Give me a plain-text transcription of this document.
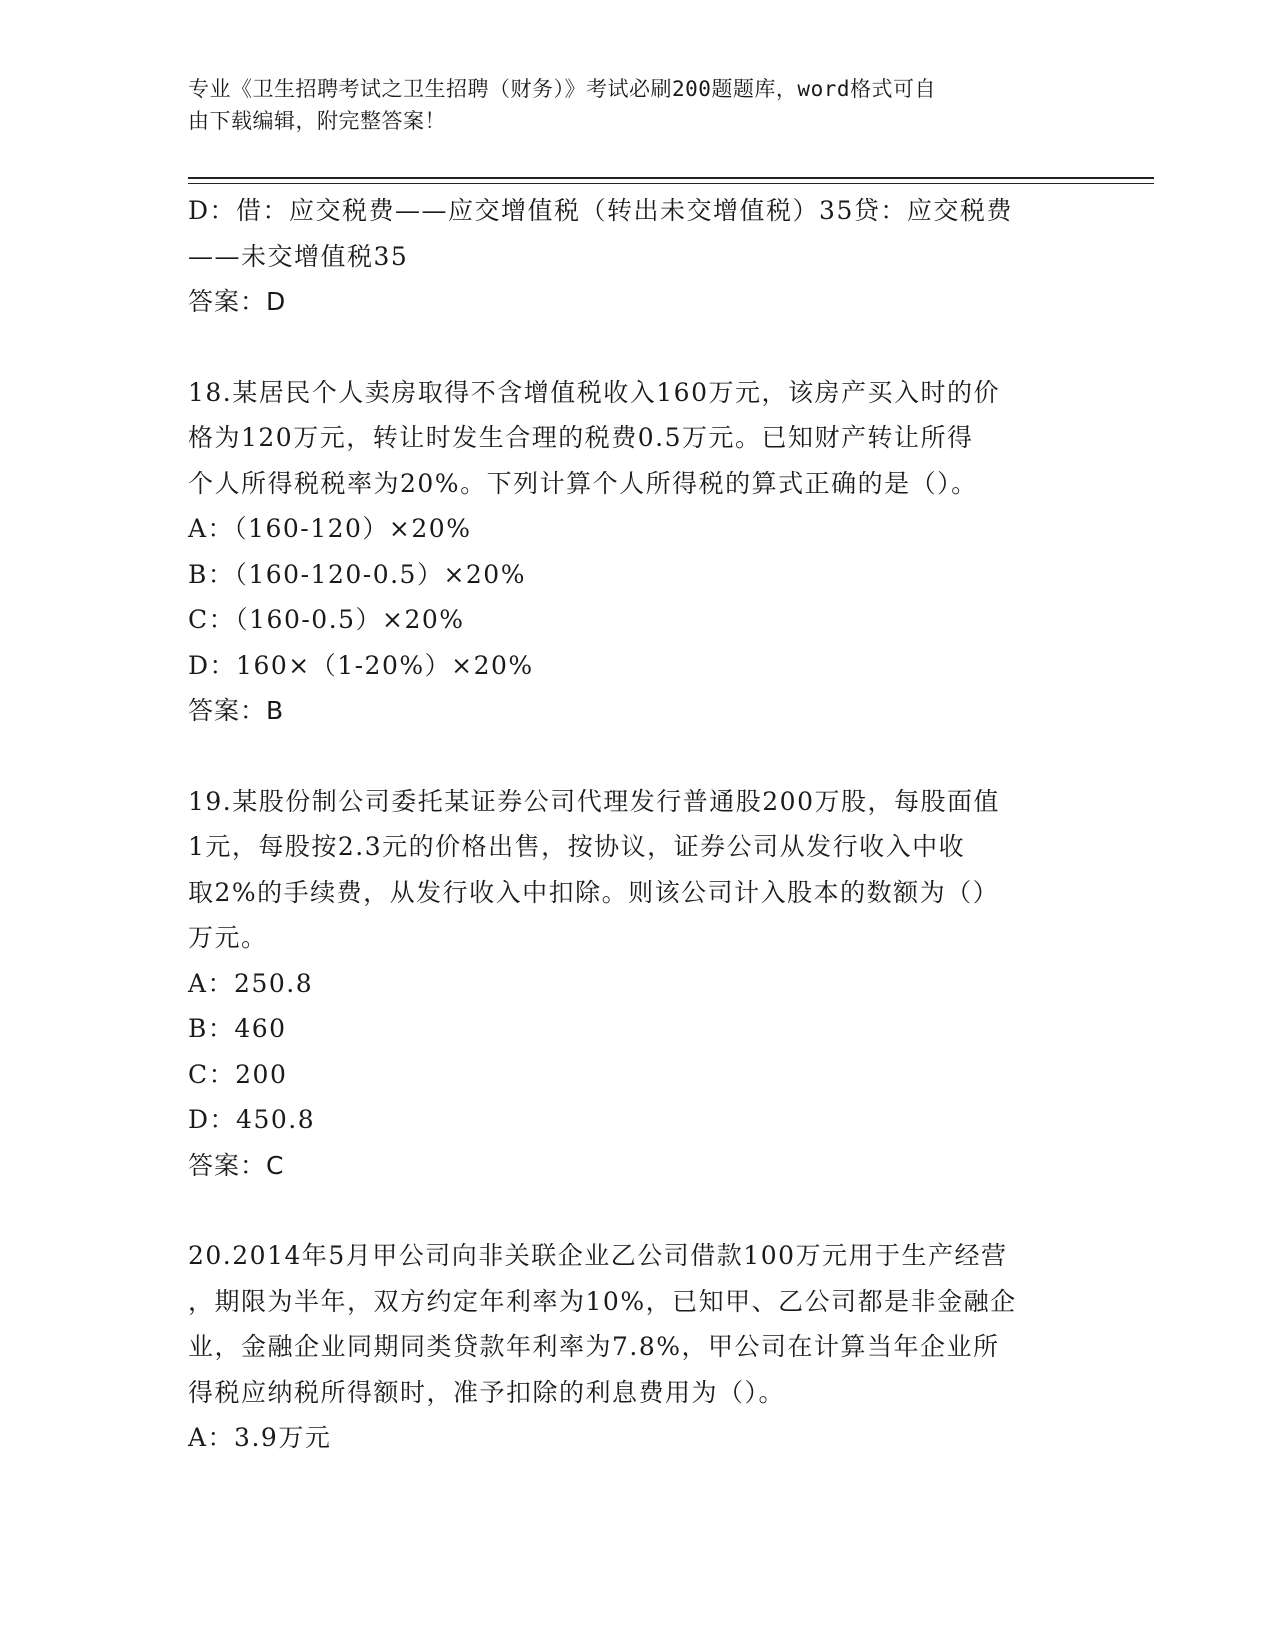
专业《卫生招聘考试之卫生招聘（财务）》考试必刷200题题库，word格式可自
由下载编辑，附完整答案！
D：借：应交税费——应交增值税（转出未交增值税）35贷：应交税费
——未交增值税35
答案：D
18.某居民个人卖房取得不含增值税收入160万元，该房产买入时的价
格为120万元，转让时发生合理的税费0.5万元。已知财产转让所得
个人所得税税率为20%。下列计算个人所得税的算式正确的是（）。
A：（160-120）×20%
B：（160-120-0.5）×20%
C：（160-0.5）×20%
D：160×（1-20%）×20%
答案：B
19.某股份制公司委托某证券公司代理发行普通股200万股，每股面值
1元，每股按2.3元的价格出售，按协议，证券公司从发行收入中收
取2%的手续费，从发行收入中扣除。则该公司计入股本的数额为（）
万元。
A：250.8
B：460
C：200
D：450.8
答案：C
20.2014年5月甲公司向非关联企业乙公司借款100万元用于生产经营
，期限为半年，双方约定年利率为10%，已知甲、乙公司都是非金融企
业，金融企业同期同类贷款年利率为7.8%，甲公司在计算当年企业所
得税应纳税所得额时，准予扣除的利息费用为（）。
A：3.9万元
